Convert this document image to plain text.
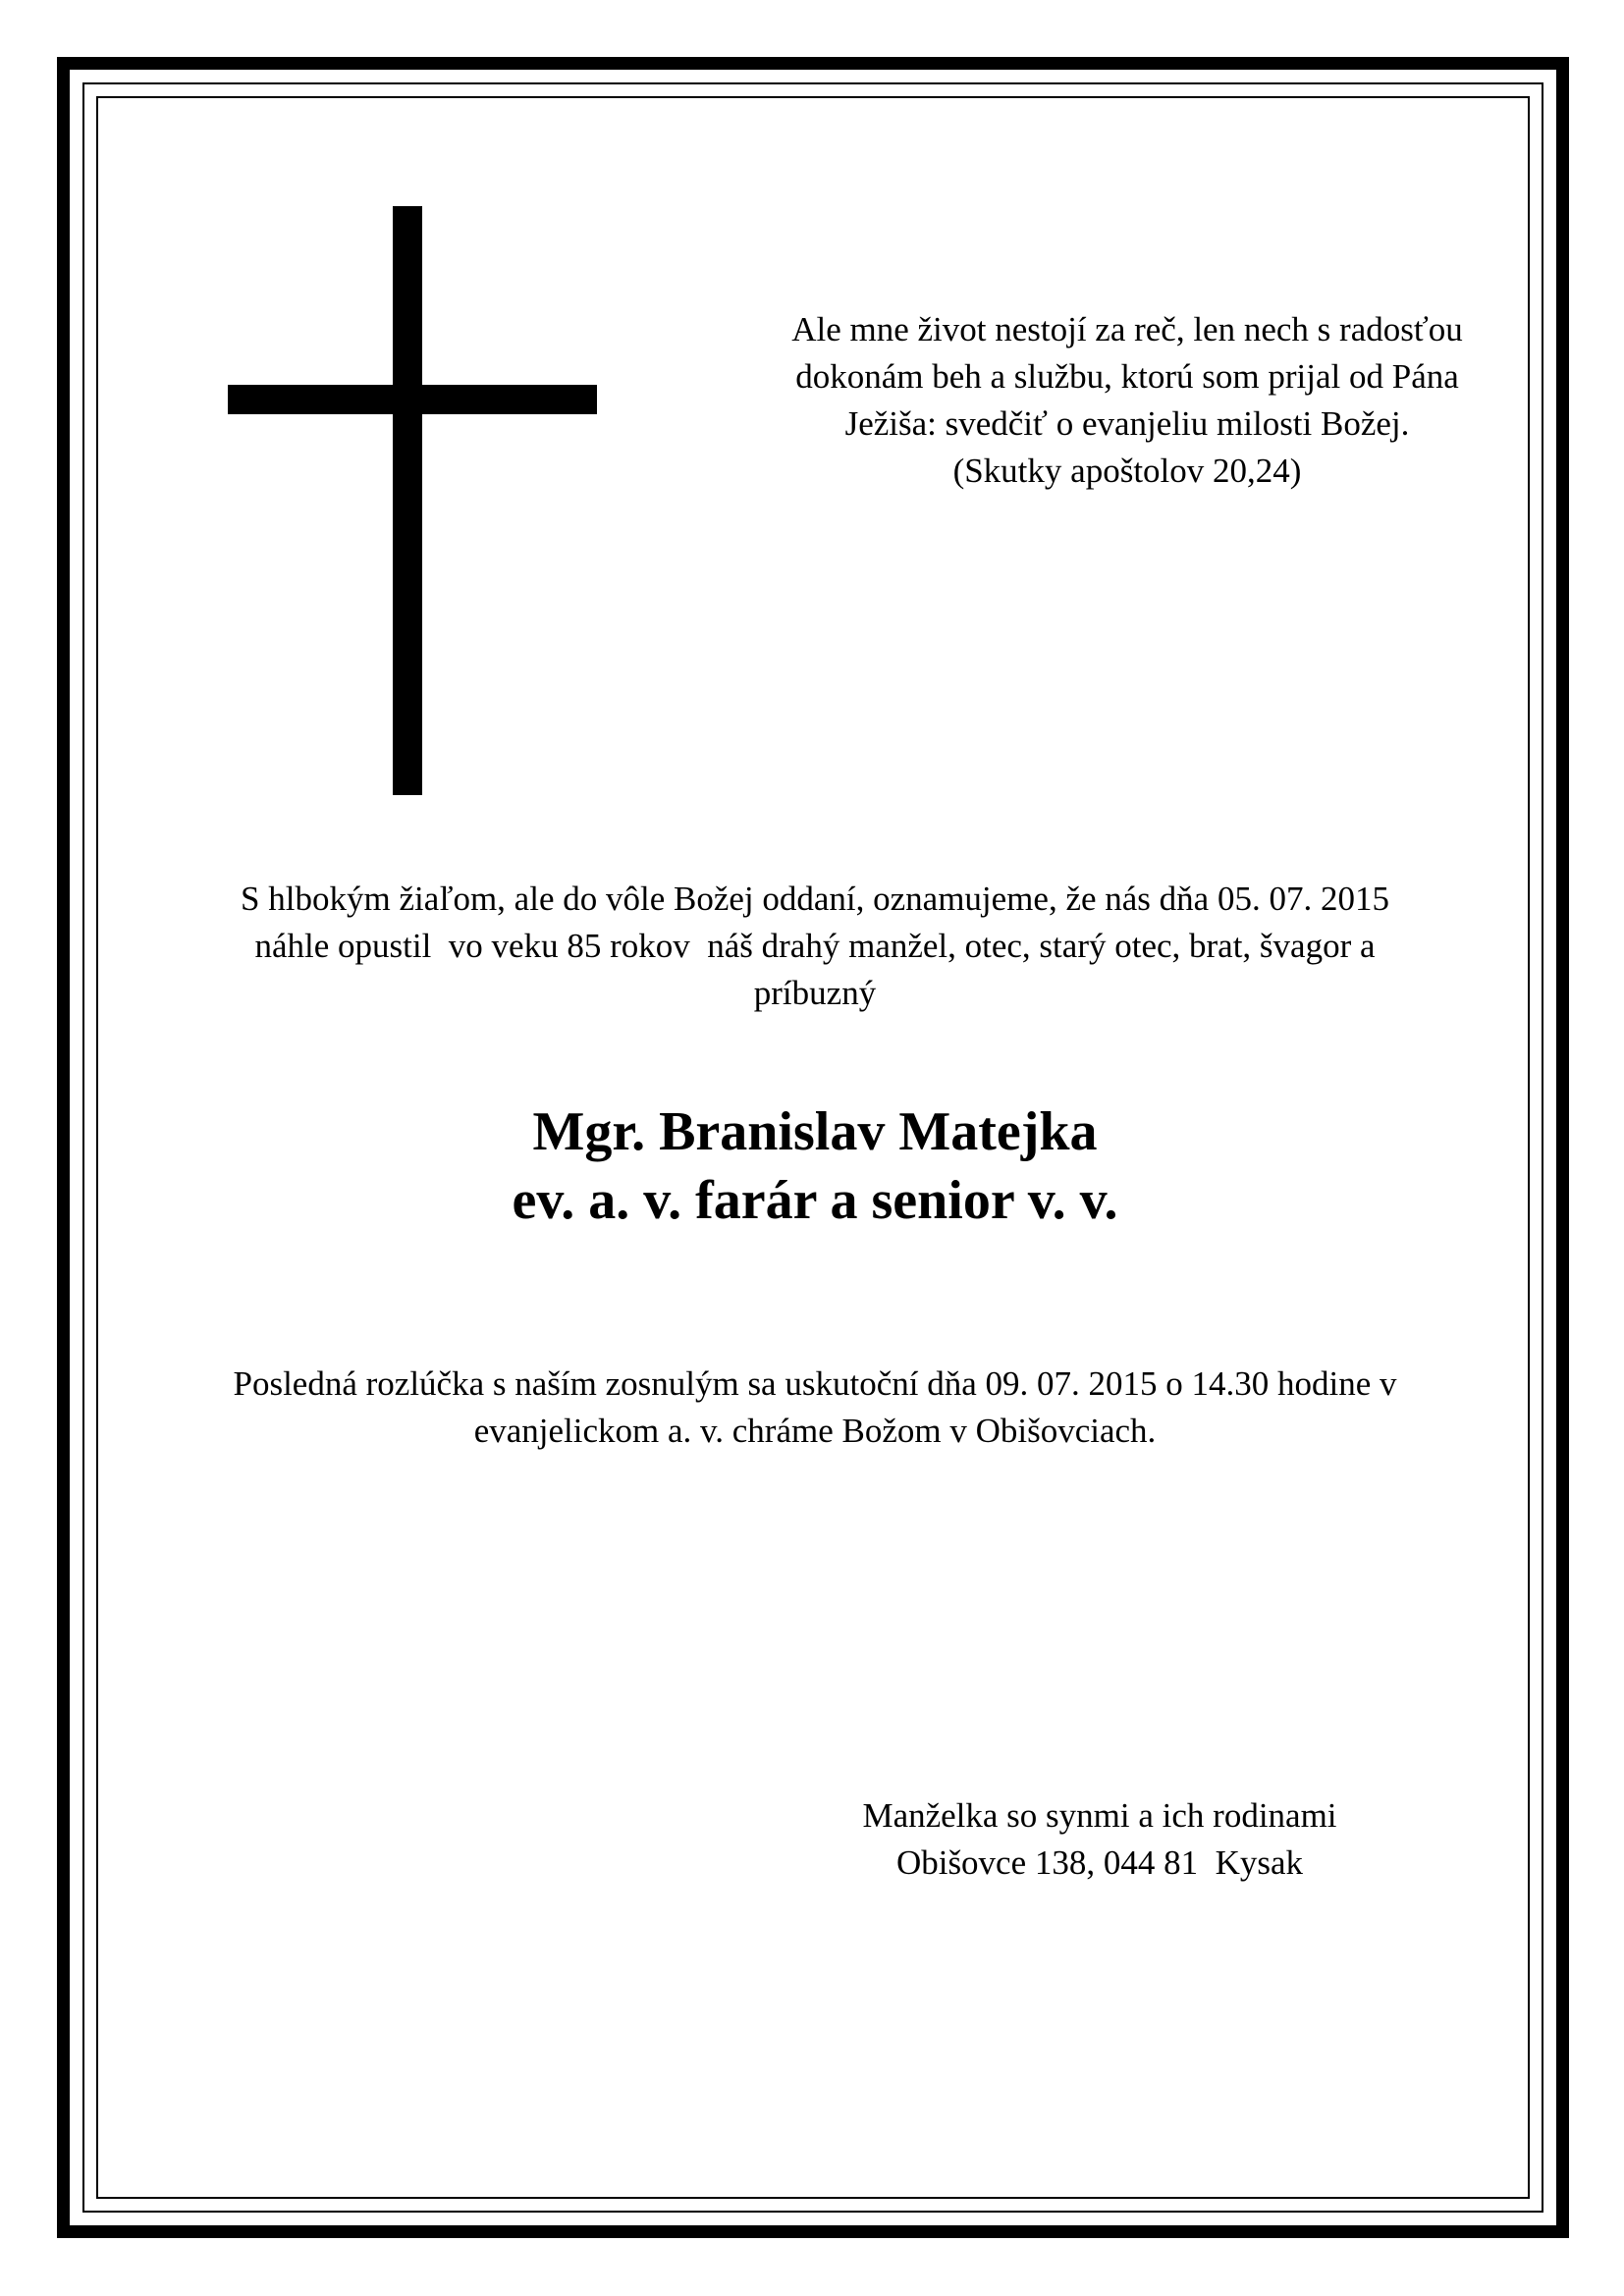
Ale mne život nestojí za reč, len nech s radosťou dokonám beh a službu, ktorú som prijal od Pána Ježiša: svedčiť o evanjeliu milosti Božej.
(Skutky apoštolov 20,24)
S hlbokým žiaľom, ale do vôle Božej oddaní, oznamujeme, že nás dňa 05. 07. 2015
náhle opustil  vo veku 85 rokov  náš drahý manžel, otec, starý otec, brat, švagor a
príbuzný
Mgr. Branislav Matejka
ev. a. v. farár a senior v. v.
Posledná rozlúčka s naším zosnulým sa uskutoční dňa 09. 07. 2015 o 14.30 hodine v
evanjelickom a. v. chráme Božom v Obišovciach.
Manželka so synmi a ich rodinami
Obišovce 138, 044 81  Kysak
